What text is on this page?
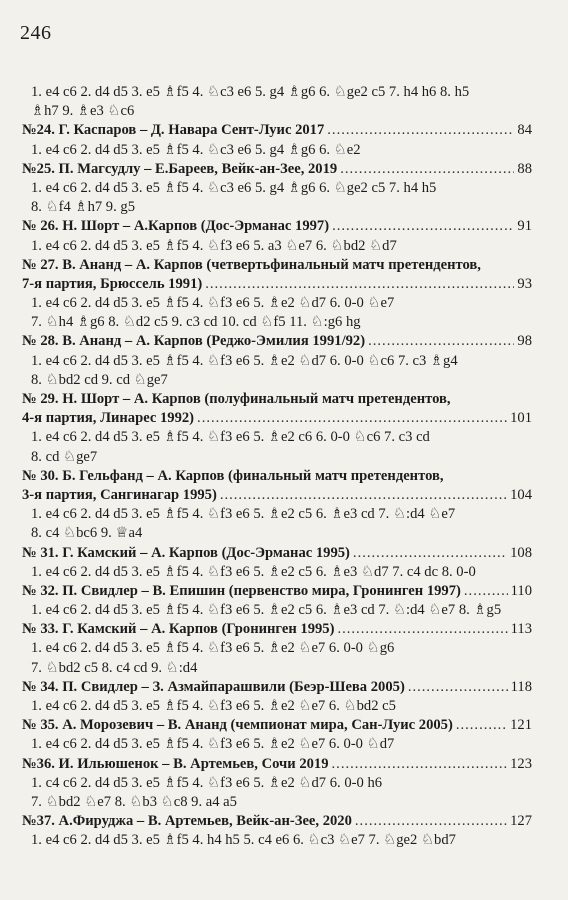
246
1. e4 c6 2. d4 d5 3. e5 ♗f5 4. ♘c3 e6 5. g4 ♗g6 6. ♘ge2 c5 7. h4 h6 8. h5
♗h7 9. ♗e3 ♘c6
№24. Г. Каспаров – Д. Навара Сент-Луис 2017 .....	84
1. e4 c6 2. d4 d5 3. e5 ♗f5 4. ♘c3 e6 5. g4 ♗g6 6. ♘e2
№25. П. Магсудлу – Е.Бареев, Вейк-ан-Зее, 2019 .....	88
1. e4 c6 2. d4 d5 3. e5 ♗f5 4. ♘c3 e6 5. g4 ♗g6 6. ♘ge2 c5 7. h4 h5
8. ♘f4 ♗h7 9. g5
№ 26. Н. Шорт – А.Карпов (Дос-Эрманас 1997) .....	91
1. e4 c6 2. d4 d5 3. e5 ♗f5 4. ♘f3 e6 5. a3 ♘e7 6. ♘bd2 ♘d7
№ 27. В. Ананд – А. Карпов (четвертьфинальный матч претендентов,
7-я партия, Брюссель 1991) .....	93
1. e4 c6 2. d4 d5 3. e5 ♗f5 4. ♘f3 e6 5. ♗e2 ♘d7 6. 0-0 ♘e7
7. ♘h4 ♗g6 8. ♘d2 c5 9. c3 cd 10. cd ♘f5 11. ♘:g6 hg
№ 28. В. Ананд – А. Карпов (Реджо-Эмилия 1991/92) .....	98
1. e4 c6 2. d4 d5 3. e5 ♗f5 4. ♘f3 e6 5. ♗e2 ♘d7 6. 0-0 ♘c6 7. c3 ♗g4
8. ♘bd2 cd 9. cd ♘ge7
№ 29. Н. Шорт – А. Карпов (полуфинальный матч претендентов,
4-я партия, Линарес 1992) .....	101
1. e4 c6 2. d4 d5 3. e5 ♗f5 4. ♘f3 e6 5. ♗e2 c6 6. 0-0 ♘c6 7. c3 cd
8. cd ♘ge7
№ 30. Б. Гельфанд – А. Карпов (финальный матч претендентов,
3-я партия, Сангинагар 1995) .....	104
1. e4 c6 2. d4 d5 3. e5 ♗f5 4. ♘f3 e6 5. ♗e2 c5 6. ♗e3 cd 7. ♘:d4 ♘e7
8. c4 ♘bc6 9. ♕a4
№ 31. Г. Камский – А. Карпов (Дос-Эрманас 1995) .....	108
1. e4 c6 2. d4 d5 3. e5 ♗f5 4. ♘f3 e6 5. ♗e2 c5 6. ♗e3 ♘d7 7. c4 dc 8. 0-0
№ 32. П. Свидлер – В. Епишин (первенство мира, Гронинген 1997) .....	110
1. e4 c6 2. d4 d5 3. e5 ♗f5 4. ♘f3 e6 5. ♗e2 c5 6. ♗e3 cd 7. ♘:d4 ♘e7 8. ♗g5
№ 33. Г. Камский – А. Карпов (Гронинген 1995) .....	113
1. e4 c6 2. d4 d5 3. e5 ♗f5 4. ♘f3 e6 5. ♗e2 ♘e7 6. 0-0 ♘g6
7. ♘bd2 c5 8. c4 cd 9. ♘:d4
№ 34. П. Свидлер – З. Азмайпарашвили (Беэр-Шева 2005) .....	118
1. e4 c6 2. d4 d5 3. e5 ♗f5 4. ♘f3 e6 5. ♗e2 ♘e7 6. ♘bd2 c5
№ 35. А. Морозевич – В. Ананд (чемпионат мира, Сан-Луис 2005) .....	121
1. e4 c6 2. d4 d5 3. e5 ♗f5 4. ♘f3 e6 5. ♗e2 ♘e7 6. 0-0 ♘d7
№36. И. Ильюшенок – В. Артемьев, Сочи 2019 .....	123
1. c4 c6 2. d4 d5 3. e5 ♗f5 4. ♘f3 e6 5. ♗e2 ♘d7 6. 0-0 h6
7. ♘bd2 ♘e7 8. ♘b3 ♘c8 9. a4 a5
№37. А.Фируджа – В. Артемьев, Вейк-ан-Зее, 2020 .....	127
1. e4 c6 2. d4 d5 3. e5 ♗f5 4. h4 h5 5. c4 e6 6. ♘c3 ♘e7 7. ♘ge2 ♘bd7
